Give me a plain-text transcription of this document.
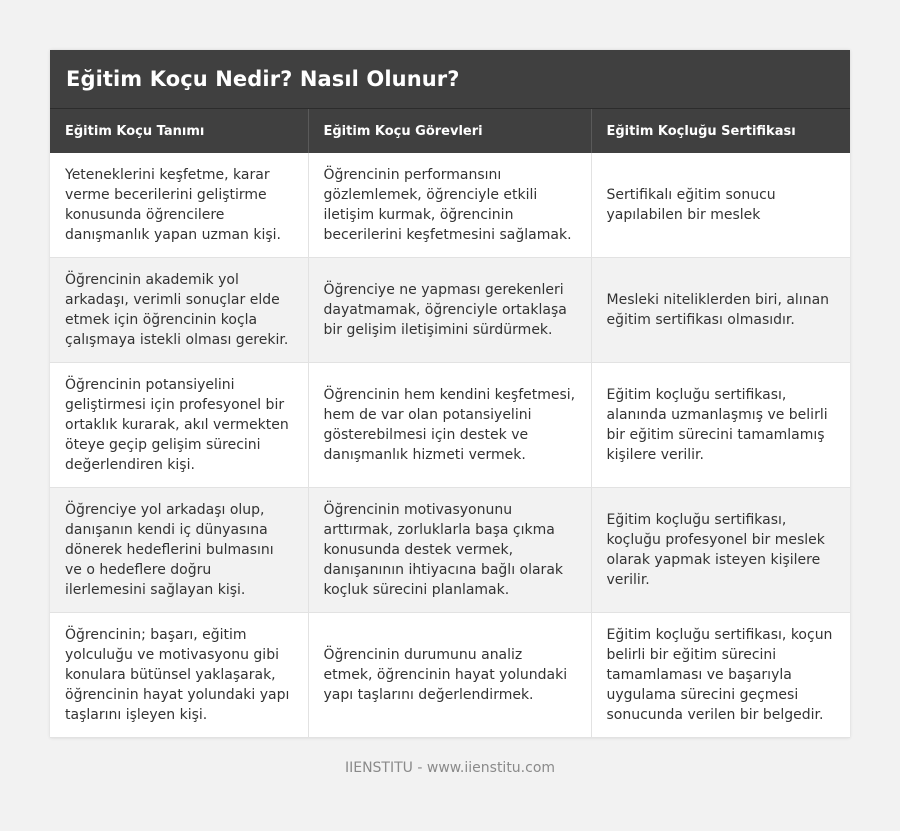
Eğitim Koçu Nedir? Nasıl Olunur?
Eğitim Koçu Tanımı	Eğitim Koçu Görevleri	Eğitim Koçluğu Sertifikası
Yeteneklerini keşfetme, karar verme becerilerini geliştirme konusunda öğrencilere danışmanlık yapan uzman kişi.	Öğrencinin performansını gözlemlemek, öğrenciyle etkili iletişim kurmak, öğrencinin becerilerini keşfetmesini sağlamak.	Sertifikalı eğitim sonucu yapılabilen bir meslek
Öğrencinin akademik yol arkadaşı, verimli sonuçlar elde etmek için öğrencinin koçla çalışmaya istekli olması gerekir.	Öğrenciye ne yapması gerekenleri dayatmamak, öğrenciyle ortaklaşa bir gelişim iletişimini sürdürmek.	Mesleki niteliklerden biri, alınan eğitim sertifikası olmasıdır.
Öğrencinin potansiyelini geliştirmesi için profesyonel bir ortaklık kurarak, akıl vermekten öteye geçip gelişim sürecini değerlendiren kişi.	Öğrencinin hem kendini keşfetmesi, hem de var olan potansiyelini gösterebilmesi için destek ve danışmanlık hizmeti vermek.	Eğitim koçluğu sertifikası, alanında uzmanlaşmış ve belirli bir eğitim sürecini tamamlamış kişilere verilir.
Öğrenciye yol arkadaşı olup, danışanın kendi iç dünyasına dönerek hedeflerini bulmasını ve o hedeflere doğru ilerlemesini sağlayan kişi.	Öğrencinin motivasyonunu arttırmak, zorluklarla başa çıkma konusunda destek vermek, danışanının ihtiyacına bağlı olarak koçluk sürecini planlamak.	Eğitim koçluğu sertifikası, koçluğu profesyonel bir meslek olarak yapmak isteyen kişilere verilir.
Öğrencinin; başarı, eğitim yolculuğu ve motivasyonu gibi konulara bütünsel yaklaşarak, öğrencinin hayat yolundaki yapı taşlarını işleyen kişi.	Öğrencinin durumunu analiz etmek, öğrencinin hayat yolundaki yapı taşlarını değerlendirmek.	Eğitim koçluğu sertifikası, koçun belirli bir eğitim sürecini tamamlaması ve başarıyla uygulama sürecini geçmesi sonucunda verilen bir belgedir.
IIENSTITU - www.iienstitu.com
